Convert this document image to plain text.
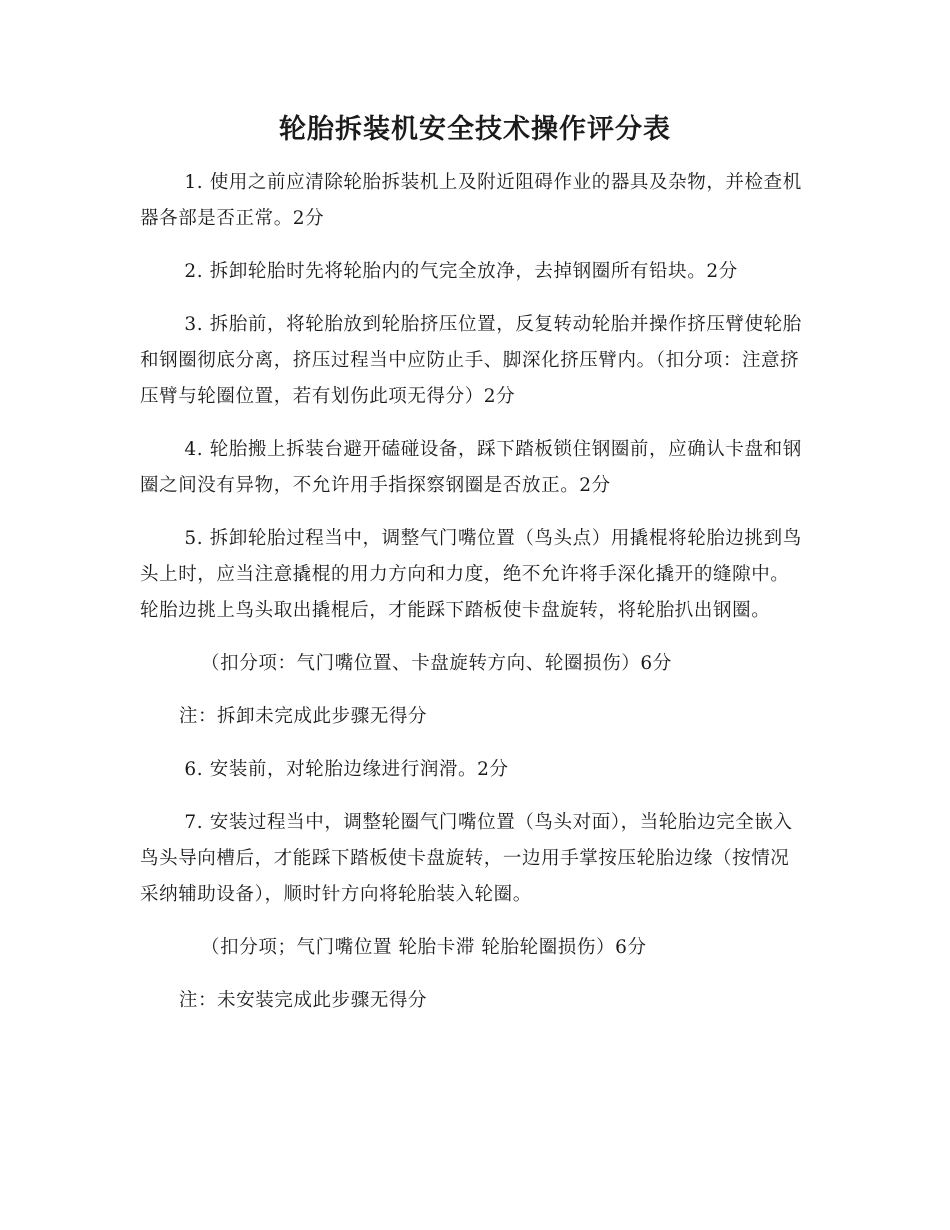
轮胎拆装机安全技术操作评分表

1. 使用之前应清除轮胎拆装机上及附近阻碍作业的器具及杂物，并检查机器各部是否正常。2分

2. 拆卸轮胎时先将轮胎内的气完全放净，去掉钢圈所有铅块。2分

3. 拆胎前，将轮胎放到轮胎挤压位置，反复转动轮胎并操作挤压臂使轮胎和钢圈彻底分离，挤压过程当中应防止手、脚深化挤压臂内。（扣分项：注意挤压臂与轮圈位置，若有划伤此项无得分）2分

4. 轮胎搬上拆装台避开磕碰设备，踩下踏板锁住钢圈前，应确认卡盘和钢圈之间没有异物，不允许用手指探察钢圈是否放正。2分

5. 拆卸轮胎过程当中，调整气门嘴位置（鸟头点）用撬棍将轮胎边挑到鸟头上时，应当注意撬棍的用力方向和力度，绝不允许将手深化撬开的缝隙中。轮胎边挑上鸟头取出撬棍后，才能踩下踏板使卡盘旋转，将轮胎扒出钢圈。

（扣分项：气门嘴位置、卡盘旋转方向、轮圈损伤）6分

注：拆卸未完成此步骤无得分

6. 安装前，对轮胎边缘进行润滑。2分

7. 安装过程当中，调整轮圈气门嘴位置（鸟头对面），当轮胎边完全嵌入鸟头导向槽后，才能踩下踏板使卡盘旋转，一边用手掌按压轮胎边缘（按情况采纳辅助设备），顺时针方向将轮胎装入轮圈。

（扣分项；气门嘴位置 轮胎卡滞 轮胎轮圈损伤）6分

注：未安装完成此步骤无得分
